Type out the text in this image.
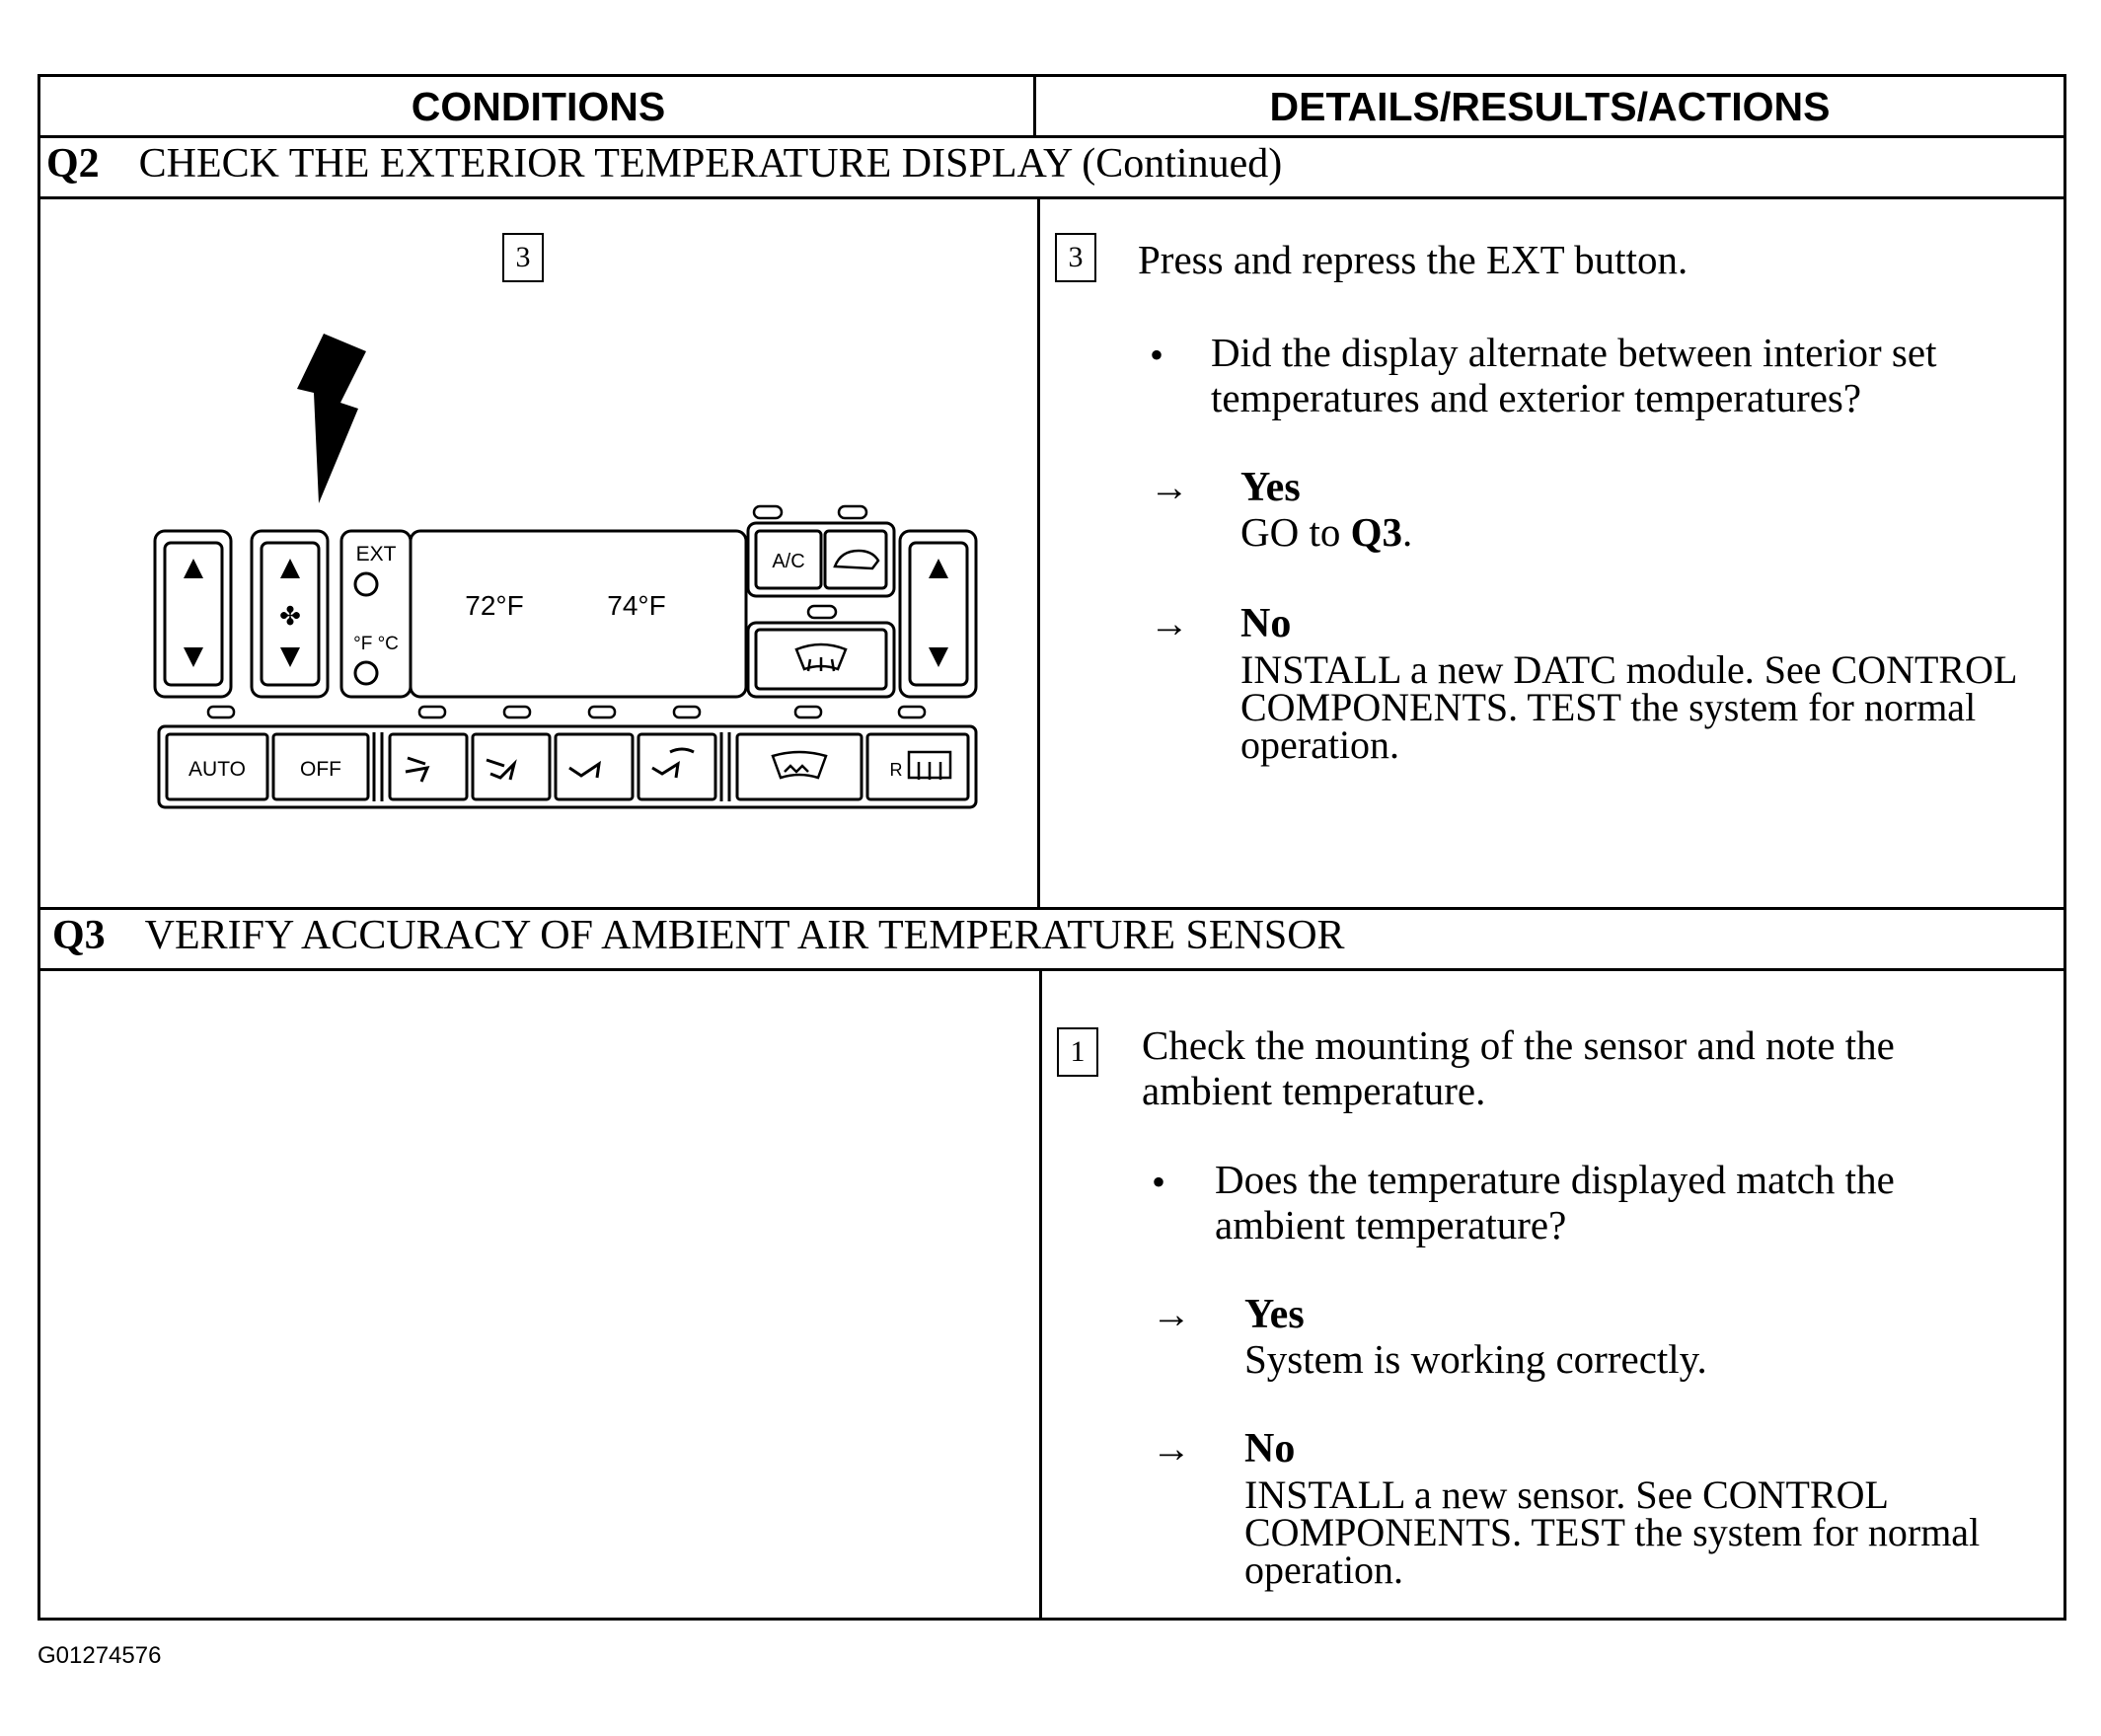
CONDITIONS	DETAILS/RESULTS/ACTIONS
Q2 CHECK THE EXTERIOR TEMPERATURE DISPLAY (Continued)
3
✤
EXT
°F °C
72°F	74°F
A/C
AUTO	OFF	R
3	Press and repress the EXT button.
• Did the display alternate between interior set
temperatures and exterior temperatures?
→ Yes
GO to Q3.
→ No
INSTALL a new DATC module. See CONTROL
COMPONENTS. TEST the system for normal
operation.
Q3 VERIFY ACCURACY OF AMBIENT AIR TEMPERATURE SENSOR
1	Check the mounting of the sensor and note the
ambient temperature.
• Does the temperature displayed match the
ambient temperature?
→ Yes
System is working correctly.
→ No
INSTALL a new sensor. See CONTROL
COMPONENTS. TEST the system for normal
operation.
G01274576
